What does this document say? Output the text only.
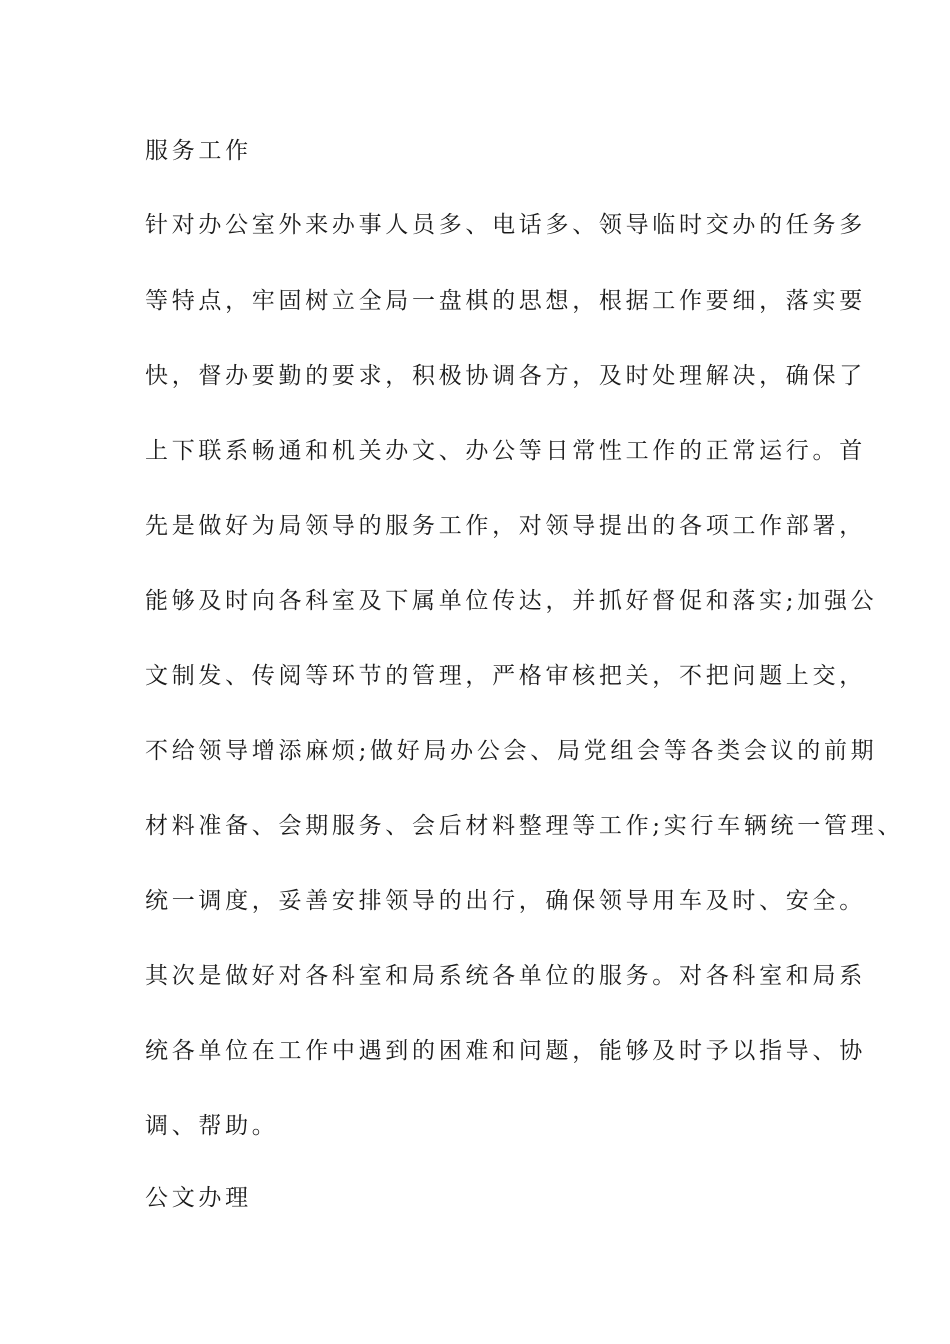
服务工作

针对办公室外来办事人员多、电话多、领导临时交办的任务多

等特点，牢固树立全局一盘棋的思想，根据工作要细，落实要

快，督办要勤的要求，积极协调各方，及时处理解决，确保了

上下联系畅通和机关办文、办公等日常性工作的正常运行。首

先是做好为局领导的服务工作，对领导提出的各项工作部署，

能够及时向各科室及下属单位传达，并抓好督促和落实;加强公

文制发、传阅等环节的管理，严格审核把关，不把问题上交，

不给领导增添麻烦;做好局办公会、局党组会等各类会议的前期

材料准备、会期服务、会后材料整理等工作;实行车辆统一管理、

统一调度，妥善安排领导的出行，确保领导用车及时、安全。

其次是做好对各科室和局系统各单位的服务。对各科室和局系

统各单位在工作中遇到的困难和问题，能够及时予以指导、协

调、帮助。

公文办理
